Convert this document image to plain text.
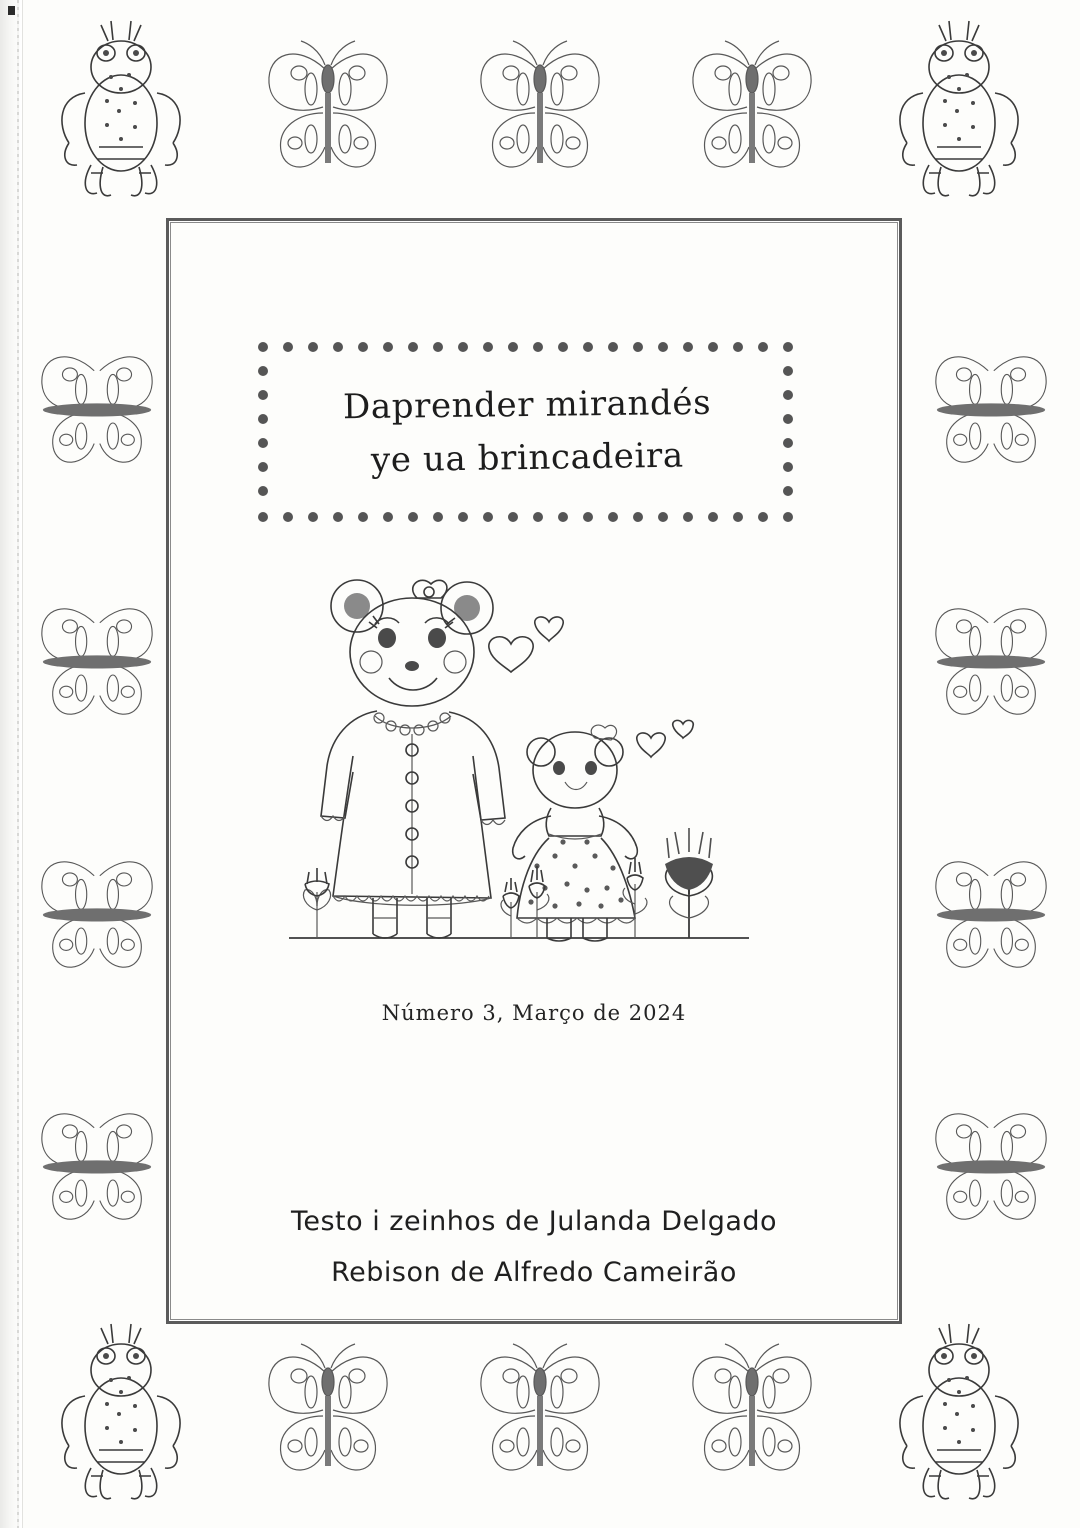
Daprender mirandés
ye ua brincadeira
Número 3, Março de 2024
Testo i zeinhos de Julanda Delgado
Rebison de Alfredo Cameirão
